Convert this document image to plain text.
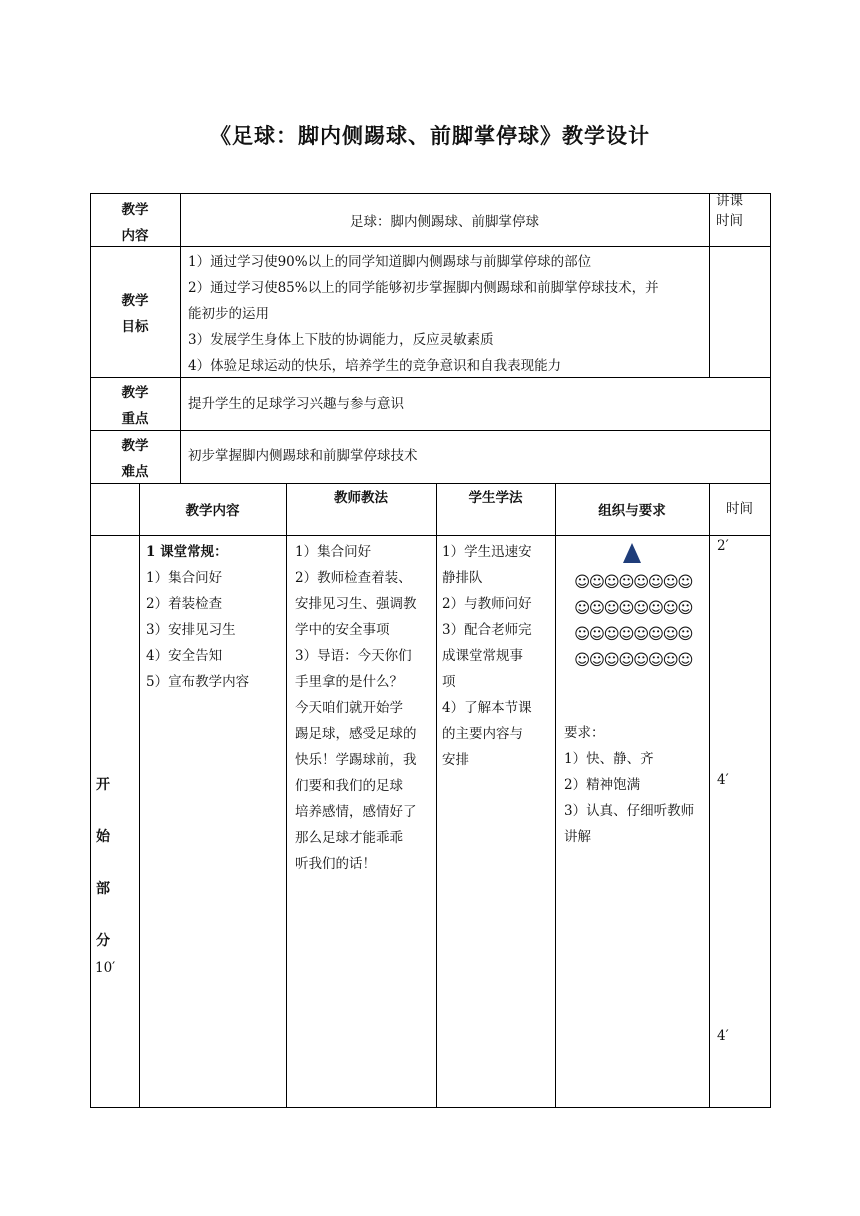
《足球：脚内侧踢球、前脚掌停球》教学设计
教学
内容
足球：脚内侧踢球、前脚掌停球
讲课
时间
教学
目标
1）通过学习使90%以上的同学知道脚内侧踢球与前脚掌停球的部位
2）通过学习使85%以上的同学能够初步掌握脚内侧踢球和前脚掌停球技术，并
能初步的运用
3）发展学生身体上下肢的协调能力，反应灵敏素质
4）体验足球运动的快乐，培养学生的竞争意识和自我表现能力
教学
重点
提升学生的足球学习兴趣与参与意识
教学
难点
初步掌握脚内侧踢球和前脚掌停球技术
教学内容
教师教法	学生学法
组织与要求	时间
开
始
部
分
10′
1 课堂常规：
1）集合问好
2）着装检查
3）安排见习生
4）安全告知
5）宣布教学内容
1）集合问好
2）教师检查着装、
安排见习生、强调教
学中的安全事项
3）导语：今天你们
手里拿的是什么？
今天咱们就开始学
踢足球，感受足球的
快乐！学踢球前，我
们要和我们的足球
培养感情，感情好了
那么足球才能乖乖
听我们的话！
1）学生迅速安
静排队
2）与教师问好
3）配合老师完
成课堂常规事
项
4）了解本节课
的主要内容与
安排
☺☺☺☺☺☺☺☺
☺☺☺☺☺☺☺☺
☺☺☺☺☺☺☺☺
☺☺☺☺☺☺☺☺
要求：
1）快、静、齐
2）精神饱满
3）认真、仔细听教师
讲解
2′
4′
4′
